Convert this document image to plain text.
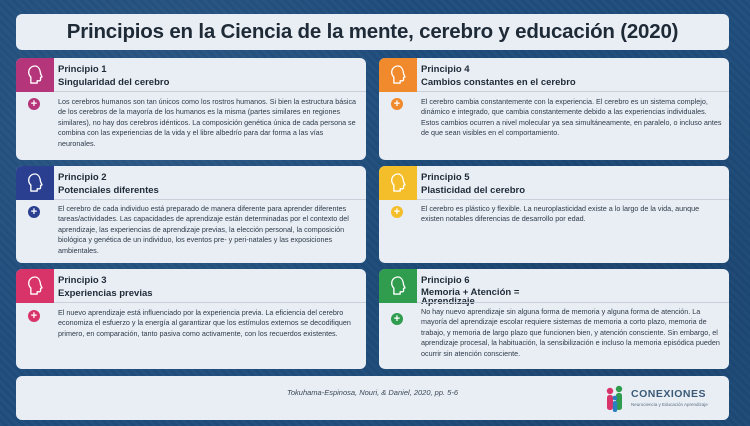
Principios en la Ciencia de la mente, cerebro y educación (2020)
Principio 1
Singularidad del cerebro
+	Los cerebros humanos son tan únicos como los rostros humanos. Si bien la estructura básica de los cerebros de la mayoría de los humanos es la misma (partes similares en regiones similares), no hay dos cerebros idénticos. La composición genética única de cada persona se combina con las experiencias de la vida y el libre albedrío para dar forma a las vías neuronales.
Principio 2
Potenciales diferentes
+	El cerebro de cada individuo está preparado de manera diferente para aprender diferentes tareas/actividades. Las capacidades de aprendizaje están determinadas por el contexto del aprendizaje, las experiencias de aprendizaje previas, la elección personal, la composición biológica y genética de un individuo, los eventos pre- y peri-natales y las exposiciones ambientales.
Principio 3
Experiencias previas
+	El nuevo aprendizaje está influenciado por la experiencia previa. La eficiencia del cerebro economiza el esfuerzo y la energía al garantizar que los estímulos externos se decodifiquen primero, en comparación, tanto pasiva como activamente, con los recuerdos existentes.
Principio 4
Cambios constantes en el cerebro
+	El cerebro cambia constantemente con la experiencia. El cerebro es un sistema complejo, dinámico e integrado, que cambia constantemente debido a las experiencias individuales. Estos cambios ocurren a nivel molecular ya sea simultáneamente, en paralelo, o incluso antes de que sean visibles en el comportamiento.
Principio 5
Plasticidad del cerebro
+	El cerebro es plástico y flexible. La neuroplasticidad existe a lo largo de la vida, aunque existen notables diferencias de desarrollo por edad.
Principio 6
Memoria + Atención =
+
No hay nuevo aprendizaje sin alguna forma de memoria y alguna forma de atención. La mayoría del aprendizaje escolar requiere sistemas de memoria a corto plazo, memoria de trabajo, y memoria de largo plazo que funcionen bien, y atención consciente. Sin embargo, el aprendizaje procesal, la habituación, la sensibilización e incluso la memoria episódica pueden ocurrir sin atención consciente.
Tokuhama-Espinosa, Nouri, & Daniel, 2020, pp. 5-6	CONEXIONES
Neurociencia y Educación Aprendizaje
